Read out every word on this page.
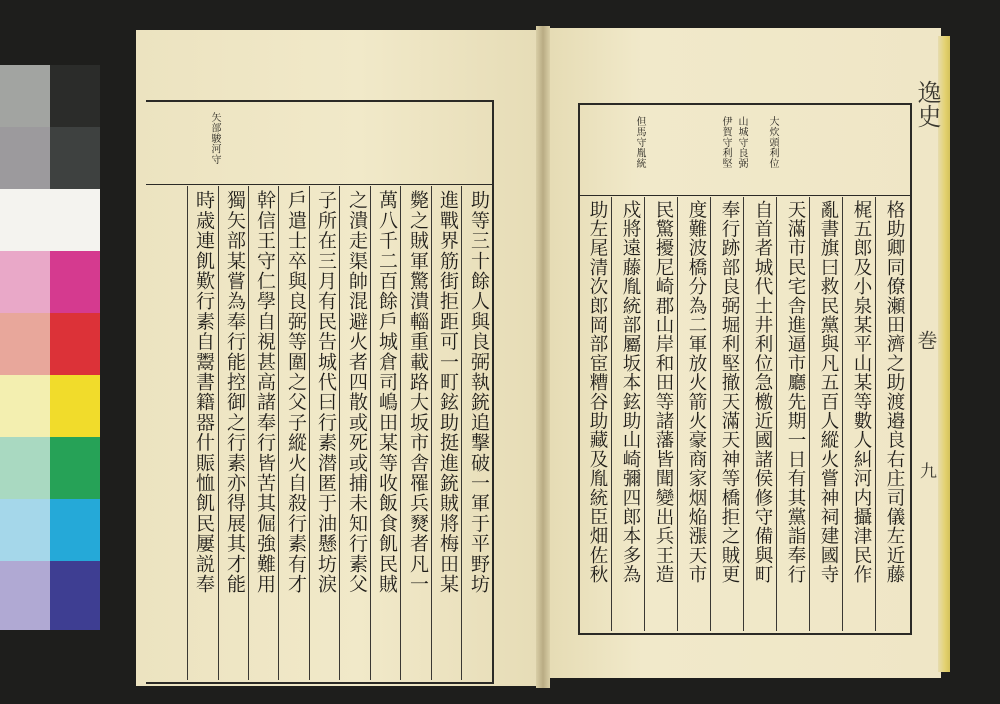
矢部駿河守
助等三十餘人與良弼執銃追撃破一軍于平野坊
進戰界筋街拒距可一町鉉助挺進銃賊將梅田某
斃之賊軍驚潰輜重載路大坂市舎罹兵燹者凡一
萬八千二百餘戶城倉司嶋田某等收飯食飢民賊
之潰走渠帥混避火者四散或死或捕未知行素父
子所在三月有民告城代曰行素潜匿于油懸坊涙
戶遣士卒與良弼等圍之父子縱火自殺行素有才
幹信王守仁學自視甚高諸奉行皆苦其倔強難用
獨矢部某嘗為奉行能控御之行素亦得展其才能
時歳連飢歎行素自鬻書籍器什賑恤飢民屢説奉
大炊頭利位
山城守良弼
伊賀守利堅
但馬守胤統
格助卿同僚瀬田濟之助渡邉良右庄司儀左近藤
梶五郎及小泉某平山某等數人糾河内攝津民作
亂書旗曰救民黨與凡五百人縱火嘗神祠建國寺
天滿市民宅舎進逼市廳先期一日有其黨詣奉行
自首者城代土井利位急檄近國諸侯修守備與町
奉行跡部良弼堀利堅撤天滿天神等橋拒之賊更
度難波橋分為二軍放火箭火豪商家烟焔漲天市
民驚擾尼崎郡山岸和田等諸藩皆聞變出兵王造
戍將遠藤胤統部屬坂本鉉助山崎彌四郎本多為
助左尾清次郎岡部宦糟谷助藏及胤統臣畑佐秋
逸史
巻
九
